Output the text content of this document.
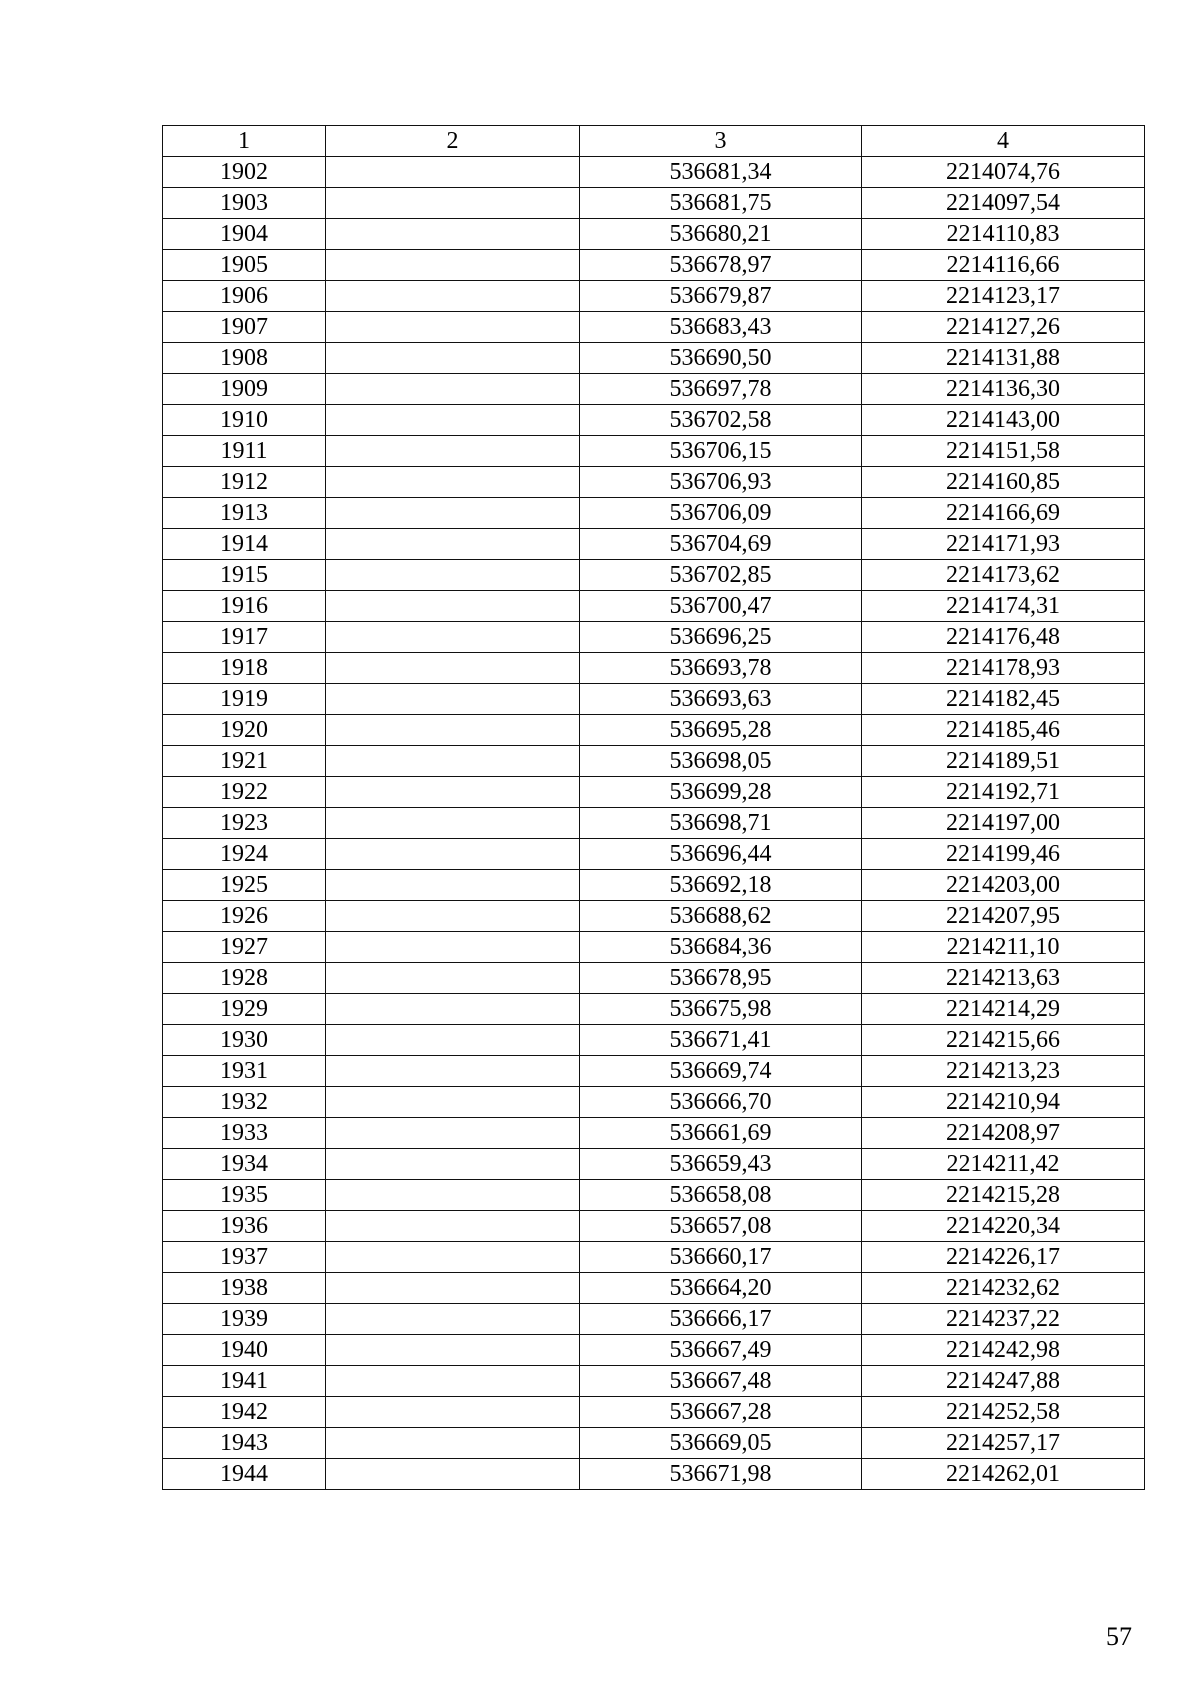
1	2	3	4
1902		536681,34	2214074,76
1903		536681,75	2214097,54
1904		536680,21	2214110,83
1905		536678,97	2214116,66
1906		536679,87	2214123,17
1907		536683,43	2214127,26
1908		536690,50	2214131,88
1909		536697,78	2214136,30
1910		536702,58	2214143,00
1911		536706,15	2214151,58
1912		536706,93	2214160,85
1913		536706,09	2214166,69
1914		536704,69	2214171,93
1915		536702,85	2214173,62
1916		536700,47	2214174,31
1917		536696,25	2214176,48
1918		536693,78	2214178,93
1919		536693,63	2214182,45
1920		536695,28	2214185,46
1921		536698,05	2214189,51
1922		536699,28	2214192,71
1923		536698,71	2214197,00
1924		536696,44	2214199,46
1925		536692,18	2214203,00
1926		536688,62	2214207,95
1927		536684,36	2214211,10
1928		536678,95	2214213,63
1929		536675,98	2214214,29
1930		536671,41	2214215,66
1931		536669,74	2214213,23
1932		536666,70	2214210,94
1933		536661,69	2214208,97
1934		536659,43	2214211,42
1935		536658,08	2214215,28
1936		536657,08	2214220,34
1937		536660,17	2214226,17
1938		536664,20	2214232,62
1939		536666,17	2214237,22
1940		536667,49	2214242,98
1941		536667,48	2214247,88
1942		536667,28	2214252,58
1943		536669,05	2214257,17
1944		536671,98	2214262,01
57
